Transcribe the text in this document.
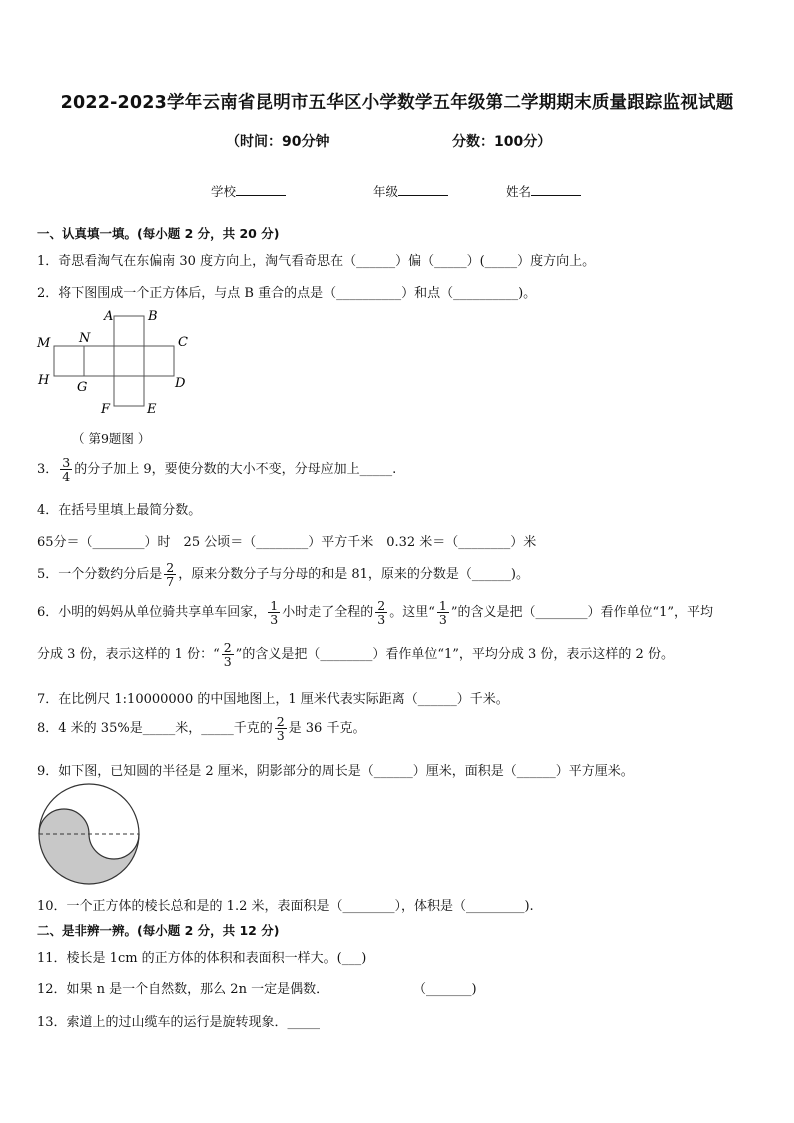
2022-2023学年云南省昆明市五华区小学数学五年级第二学期期末质量跟踪监视试题
（时间：90分钟	分数：100分）
学校	年级	姓名
一、认真填一填。(每小题 2 分，共 20 分)
1．奇思看淘气在东偏南 30 度方向上，淘气看奇思在（______）偏（_____）(_____）度方向上。
2．将下图围成一个正方体后，与点 B 重合的点是（__________）和点（__________)。
A	B
C
D
E
F
G
H
M N
（ 第9题图 ）
3． $\frac{3}{4}$ 的分子加上 9，要使分数的大小不变，分母应加上_____.
4．在括号里填上最简分数。
65分＝（________）时　25 公顷＝（________）平方千米　0.32 米＝（________）米
5．一个分数约分后是 $\frac{2}{7}$ ，原来分数分子与分母的和是 81，原来的分数是（______)。
6．小明的妈妈从单位骑共享单车回家， $\frac{1}{3}$ 小时走了全程的 $\frac{2}{3}$ 。这里“ $\frac{1}{3}$ ”的含义是把（________）看作单位“1”，平均
分成 3 份，表示这样的 1 份：“ $\frac{2}{3}$ ”的含义是把（________）看作单位“1”，平均分成 3 份，表示这样的 2 份。
7．在比例尺 1:10000000 的中国地图上，1 厘米代表实际距离（______）千米。
8．4 米的 35%是_____米，_____千克的 $\frac{2}{3}$ 是 36 千克。
9．如下图，已知圆的半径是 2 厘米，阴影部分的周长是（______）厘米，面积是（______）平方厘米。
10．一个正方体的棱长总和是的 1.2 米，表面积是（________），体积是（_________).
二、是非辨一辨。(每小题 2 分，共 12 分)
11．棱长是 1cm 的正方体的体积和表面积一样大。(___)
12．如果 n 是一个自然数，那么 2n 一定是偶数．	（_______)
13．索道上的过山缆车的运行是旋转现象．_____
